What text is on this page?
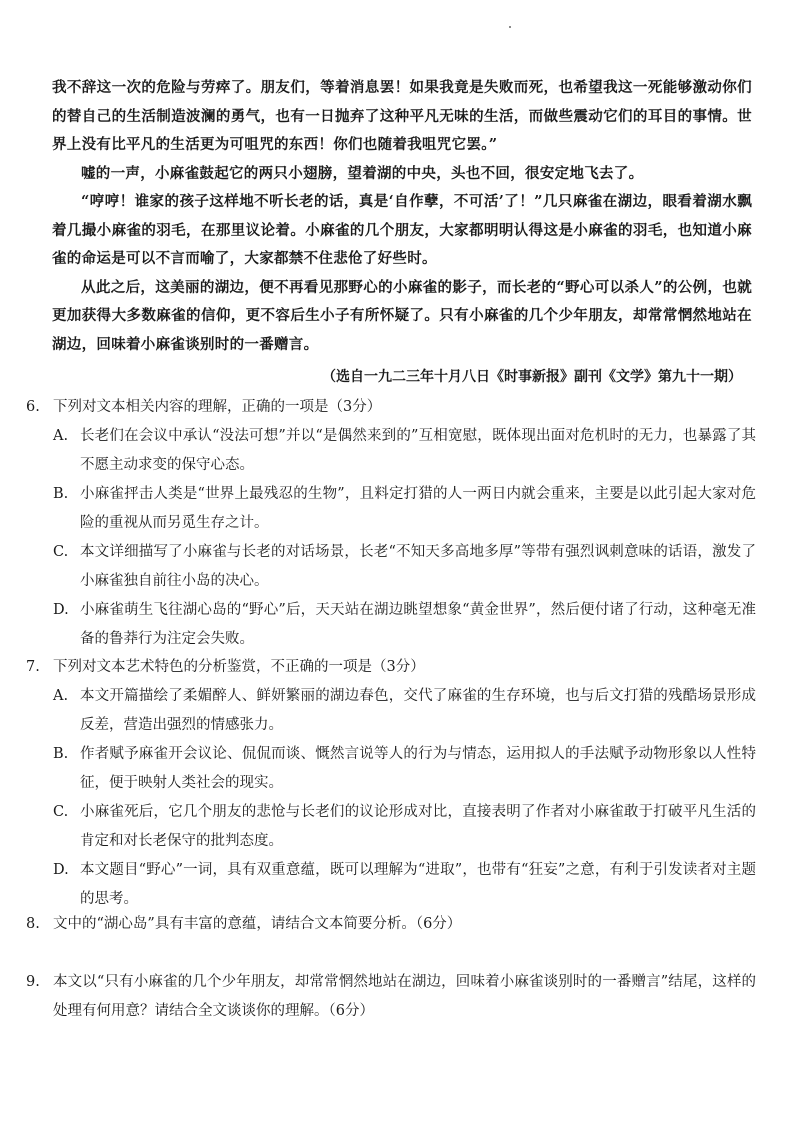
我不辞这一次的危险与劳瘁了。朋友们，等着消息罢！如果我竟是失败而死，也希望我这一死能够激动你们的替自己的生活制造波澜的勇气，也有一日抛弃了这种平凡无味的生活，而做些震动它们的耳目的事情。世界上没有比平凡的生活更为可咀咒的东西！你们也随着我咀咒它罢。”

嘘的一声，小麻雀鼓起它的两只小翅膀，望着湖的中央，头也不回，很安定地飞去了。

“哼哼！谁家的孩子这样地不听长老的话，真是‘自作孽，不可活’了！”几只麻雀在湖边，眼看着湖水飘着几撮小麻雀的羽毛，在那里议论着。小麻雀的几个朋友，大家都明明认得这是小麻雀的羽毛，也知道小麻雀的命运是可以不言而喻了，大家都禁不住悲伧了好些时。

从此之后，这美丽的湖边，便不再看见那野心的小麻雀的影子，而长老的“野心可以杀人”的公例，也就更加获得大多数麻雀的信仰，更不容后生小子有所怀疑了。只有小麻雀的几个少年朋友，却常常惘然地站在湖边，回味着小麻雀谈别时的一番赠言。

（选自一九二三年十月八日《时事新报》副刊《文学》第九十一期）
6. 下列对文本相关内容的理解，正确的一项是（3分）
A. 长老们在会议中承认“没法可想”并以“是偶然来到的”互相宽慰，既体现出面对危机时的无力，也暴露了其不愿主动求变的保守心态。
B. 小麻雀抨击人类是“世界上最残忍的生物”，且料定打猎的人一两日内就会重来，主要是以此引起大家对危险的重视从而另觅生存之计。
C. 本文详细描写了小麻雀与长老的对话场景，长老“不知天多高地多厚”等带有强烈讽刺意味的话语，激发了小麻雀独自前往小岛的决心。
D. 小麻雀萌生飞往湖心岛的“野心”后，天天站在湖边眺望想象“黄金世界”，然后便付诸了行动，这种毫无准备的鲁莽行为注定会失败。
7. 下列对文本艺术特色的分析鉴赏，不正确的一项是（3分）
A. 本文开篇描绘了柔媚醉人、鲜妍繁丽的湖边春色，交代了麻雀的生存环境，也与后文打猎的残酷场景形成反差，营造出强烈的情感张力。
B. 作者赋予麻雀开会议论、侃侃而谈、慨然言说等人的行为与情态，运用拟人的手法赋予动物形象以人性特征，便于映射人类社会的现实。
C. 小麻雀死后，它几个朋友的悲怆与长老们的议论形成对比，直接表明了作者对小麻雀敢于打破平凡生活的肯定和对长老保守的批判态度。
D. 本文题目“野心”一词，具有双重意蕴，既可以理解为“进取”，也带有“狂妄”之意，有利于引发读者对主题的思考。
8. 文中的“湖心岛”具有丰富的意蕴，请结合文本简要分析。（6分）
9. 本文以“只有小麻雀的几个少年朋友，却常常惘然地站在湖边，回味着小麻雀谈别时的一番赠言”结尾，这样的处理有何用意？请结合全文谈谈你的理解。（6分）
